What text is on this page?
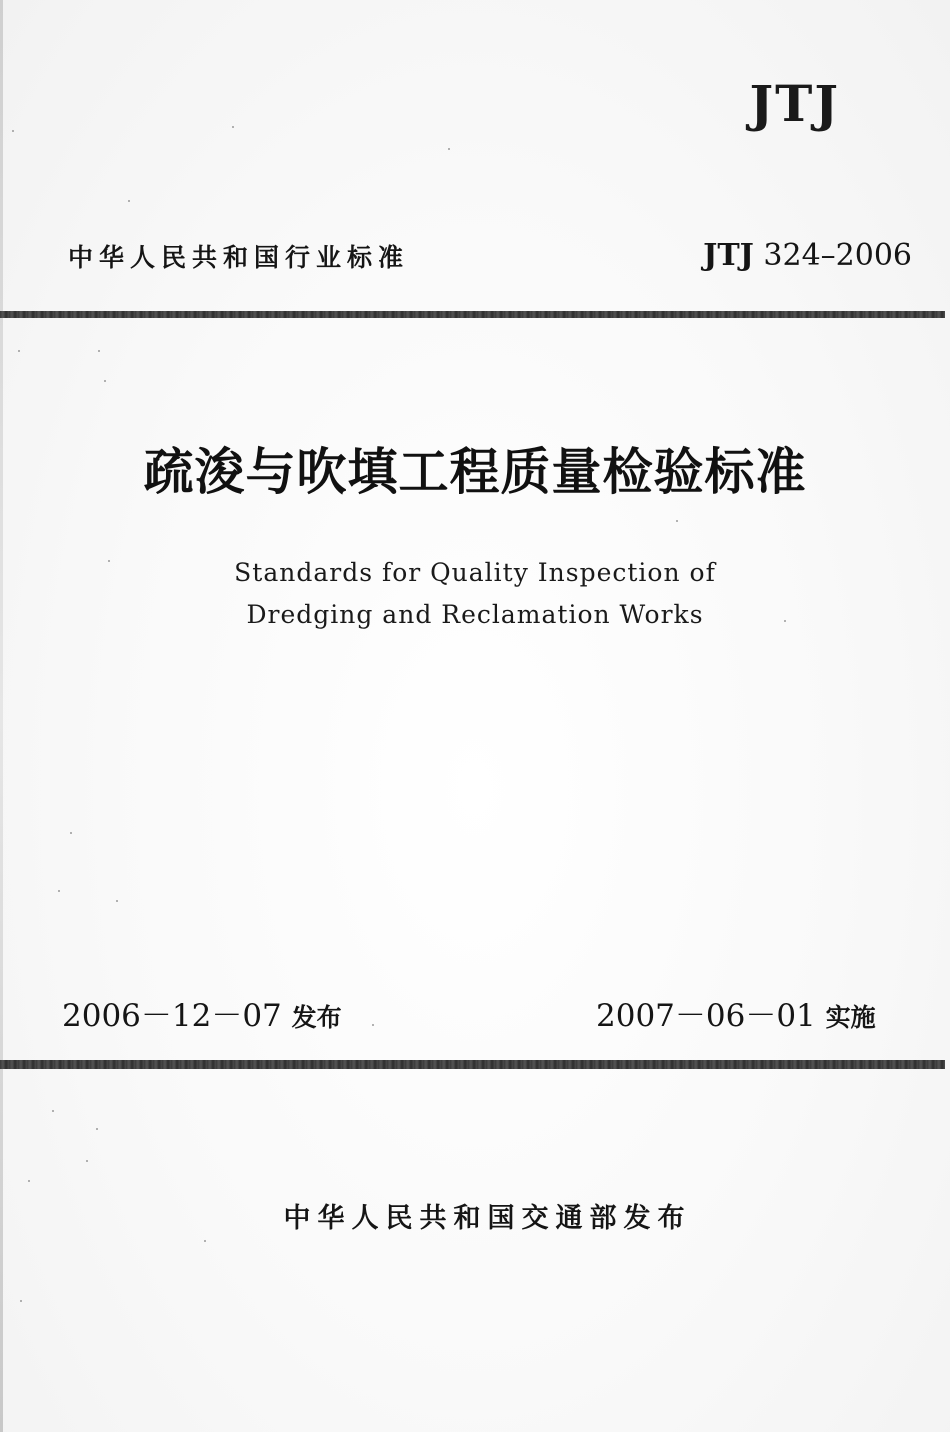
JTJ
中华人民共和国行业标准	JTJ 324–2006
疏浚与吹填工程质量检验标准
Standards for Quality Inspection of
Dredging and Reclamation Works
2006－12－07 发布	2007－06－01 实施
中华人民共和国交通部发布
